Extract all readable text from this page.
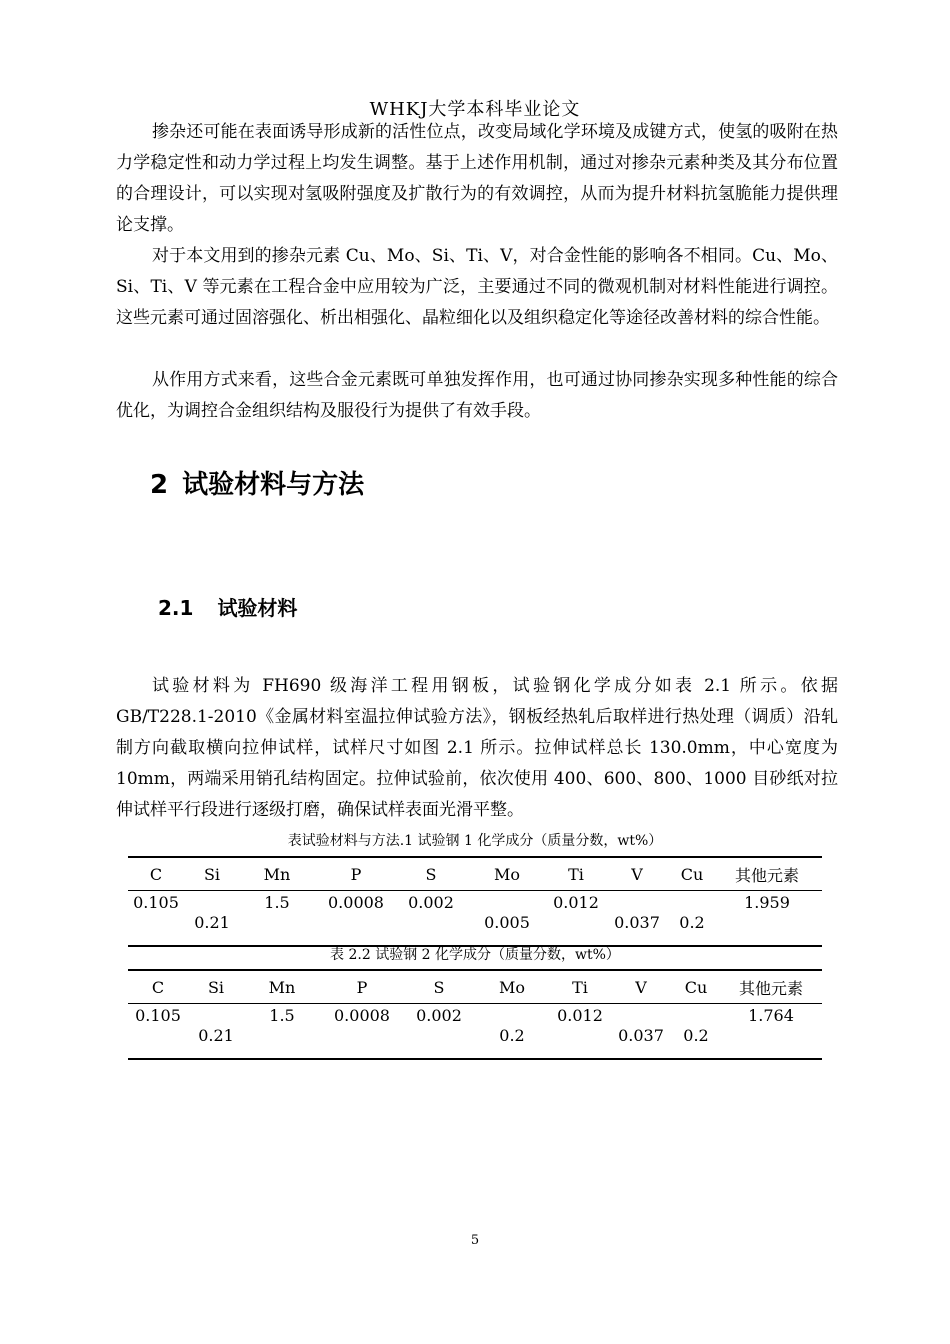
WHKJ大学本科毕业论文

掺杂还可能在表面诱导形成新的活性位点，改变局域化学环境及成键方式，使氢的吸附在热力学稳定性和动力学过程上均发生调整。基于上述作用机制，通过对掺杂元素种类及其分布位置的合理设计，可以实现对氢吸附强度及扩散行为的有效调控，从而为提升材料抗氢脆能力提供理论支撑。

对于本文用到的掺杂元素 Cu、Mo、Si、Ti、V，对合金性能的影响各不相同。Cu、Mo、Si、Ti、V 等元素在工程合金中应用较为广泛，主要通过不同的微观机制对材料性能进行调控。这些元素可通过固溶强化、析出相强化、晶粒细化以及组织稳定化等途径改善材料的综合性能。

从作用方式来看，这些合金元素既可单独发挥作用，也可通过协同掺杂实现多种性能的综合优化，为调控合金组织结构及服役行为提供了有效手段。

2 试验材料与方法
2.1 试验材料

试验材料为 FH690 级海洋工程用钢板，试验钢化学成分如表 2.1 所示。依据 GB/T228.1-2010《金属材料室温拉伸试验方法》，钢板经热轧后取样进行热处理（调质）沿轧制方向截取横向拉伸试样，试样尺寸如图 2.1 所示。拉伸试样总长 130.0mm，中心宽度为 10mm，两端采用销孔结构固定。拉伸试验前，依次使用 400、600、800、1000 目砂纸对拉伸试样平行段进行逐级打磨，确保试样表面光滑平整。

表试验材料与方法.1 试验钢 1 化学成分（质量分数，wt%）
C	Si	Mn	P	S	Mo	Ti	V	Cu	其他元素
0.105	0.21	1.5	0.0008	0.002	0.005	0.012	0.037	0.2	1.959
表 2.2 试验钢 2 化学成分（质量分数，wt%）
C	Si	Mn	P	S	Mo	Ti	V	Cu	其他元素
0.105	0.21	1.5	0.0008	0.002	0.2	0.012	0.037	0.2	1.764
5
